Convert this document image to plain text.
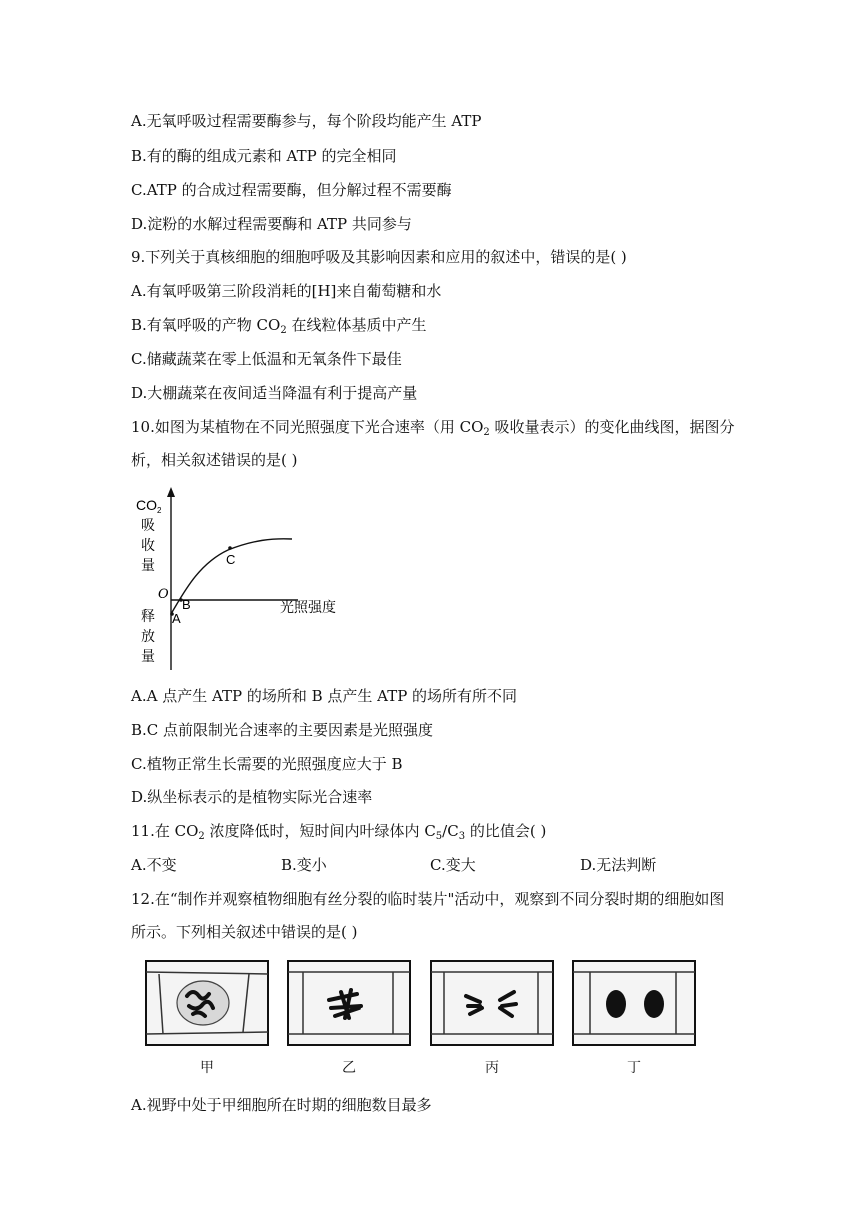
A.无氧呼吸过程需要酶参与，每个阶段均能产生 ATP
B.有的酶的组成元素和 ATP 的完全相同
C.ATP 的合成过程需要酶，但分解过程不需要酶
D.淀粉的水解过程需要酶和 ATP 共同参与
9.下列关于真核细胞的细胞呼吸及其影响因素和应用的叙述中，错误的是( )
A.有氧呼吸第三阶段消耗的[H]来自葡萄糖和水
B.有氧呼吸的产物 $CO_2$ 在线粒体基质中产生
C.储藏蔬菜在零上低温和无氧条件下最佳
D.大棚蔬菜在夜间适当降温有利于提高产量
10.如图为某植物在不同光照强度下光合速率（用 $CO_2$ 吸收量表示）的变化曲线图，据图分
析，相关叙述错误的是( )
$CO_2$
吸
收
量
O
B
A
C
光照强度
释
放
量
A.A 点产生 ATP 的场所和 B 点产生 ATP 的场所有所不同
B.C 点前限制光合速率的主要因素是光照强度
C.植物正常生长需要的光照强度应大于 B
D.纵坐标表示的是植物实际光合速率
11.在 $CO_2$ 浓度降低时，短时间内叶绿体内 $C_5/C_3$ 的比值会( )
A.不变	B.变小	C.变大	D.无法判断
12.在“制作并观察植物细胞有丝分裂的临时装片"活动中，观察到不同分裂时期的细胞如图
所示。下列相关叙述中错误的是( )
甲	乙	丙	丁
A.视野中处于甲细胞所在时期的细胞数目最多
